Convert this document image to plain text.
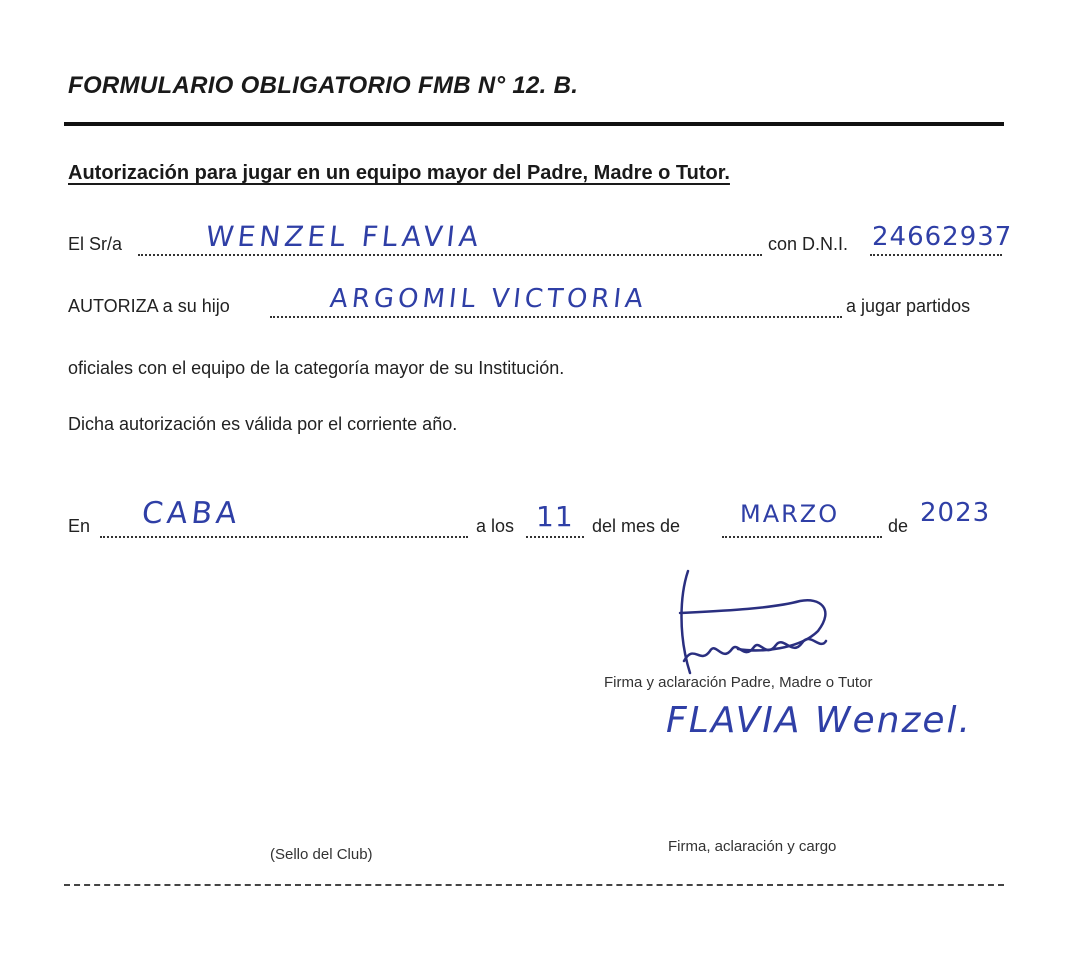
FORMULARIO OBLIGATORIO FMB N° 12. B.
Autorización para jugar en un equipo mayor del Padre, Madre o Tutor.
El Sr/a	WENZEL FLAVIA	con D.N.I. 24662937
AUTORIZA a su hijo	ARGOMIL VICTORIA	a jugar partidos
oficiales con el equipo de la categoría mayor de su Institución.
Dicha autorización es válida por el corriente año.
En CABA	a los 11 del mes de MARZO	de 2023
Firma y aclaración Padre, Madre o Tutor
FLAVIA Wenzel.
(Sello del Club)	Firma, aclaración y cargo
